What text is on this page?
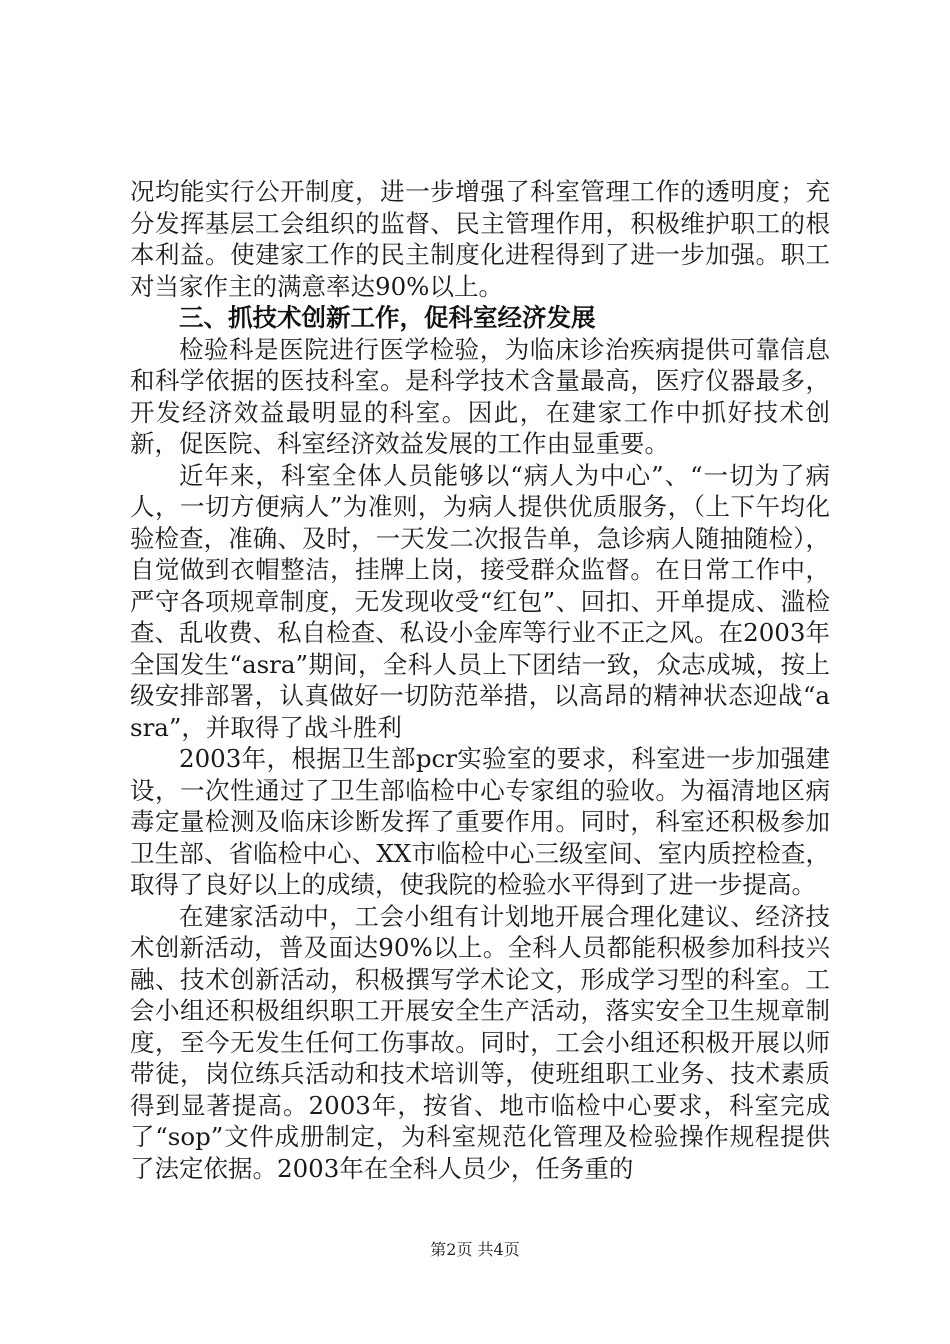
况均能实行公开制度，进一步增强了科室管理工作的透明度；充分发挥基层工会组织的监督、民主管理作用，积极维护职工的根本利益。使建家工作的民主制度化进程得到了进一步加强。职工对当家作主的满意率达90%以上。

三、抓技术创新工作，促科室经济发展

检验科是医院进行医学检验，为临床诊治疾病提供可靠信息和科学依据的医技科室。是科学技术含量最高，医疗仪器最多，开发经济效益最明显的科室。因此，在建家工作中抓好技术创新，促医院、科室经济效益发展的工作由显重要。

近年来，科室全体人员能够以“病人为中心”、“一切为了病人，一切方便病人”为准则，为病人提供优质服务，（上下午均化验检查，准确、及时，一天发二次报告单，急诊病人随抽随检），自觉做到衣帽整洁，挂牌上岗，接受群众监督。在日常工作中，严守各项规章制度，无发现收受“红包”、回扣、开单提成、滥检查、乱收费、私自检查、私设小金库等行业不正之风。在2003年全国发生“asra”期间，全科人员上下团结一致，众志成城，按上级安排部署，认真做好一切防范举措，以高昂的精神状态迎战“asra”，并取得了战斗胜利

2003年，根据卫生部pcr实验室的要求，科室进一步加强建设，一次性通过了卫生部临检中心专家组的验收。为福清地区病毒定量检测及临床诊断发挥了重要作用。同时，科室还积极参加卫生部、省临检中心、XX市临检中心三级室间、室内质控检查，取得了良好以上的成绩，使我院的检验水平得到了进一步提高。

在建家活动中，工会小组有计划地开展合理化建议、经济技术创新活动，普及面达90%以上。全科人员都能积极参加科技兴融、技术创新活动，积极撰写学术论文，形成学习型的科室。工会小组还积极组织职工开展安全生产活动，落实安全卫生规章制度，至今无发生任何工伤事故。同时，工会小组还积极开展以师带徒，岗位练兵活动和技术培训等，使班组职工业务、技术素质得到显著提高。2003年，按省、地市临检中心要求，科室完成了“sop”文件成册制定，为科室规范化管理及检验操作规程提供了法定依据。2003年在全科人员少，任务重的

第2页 共4页
